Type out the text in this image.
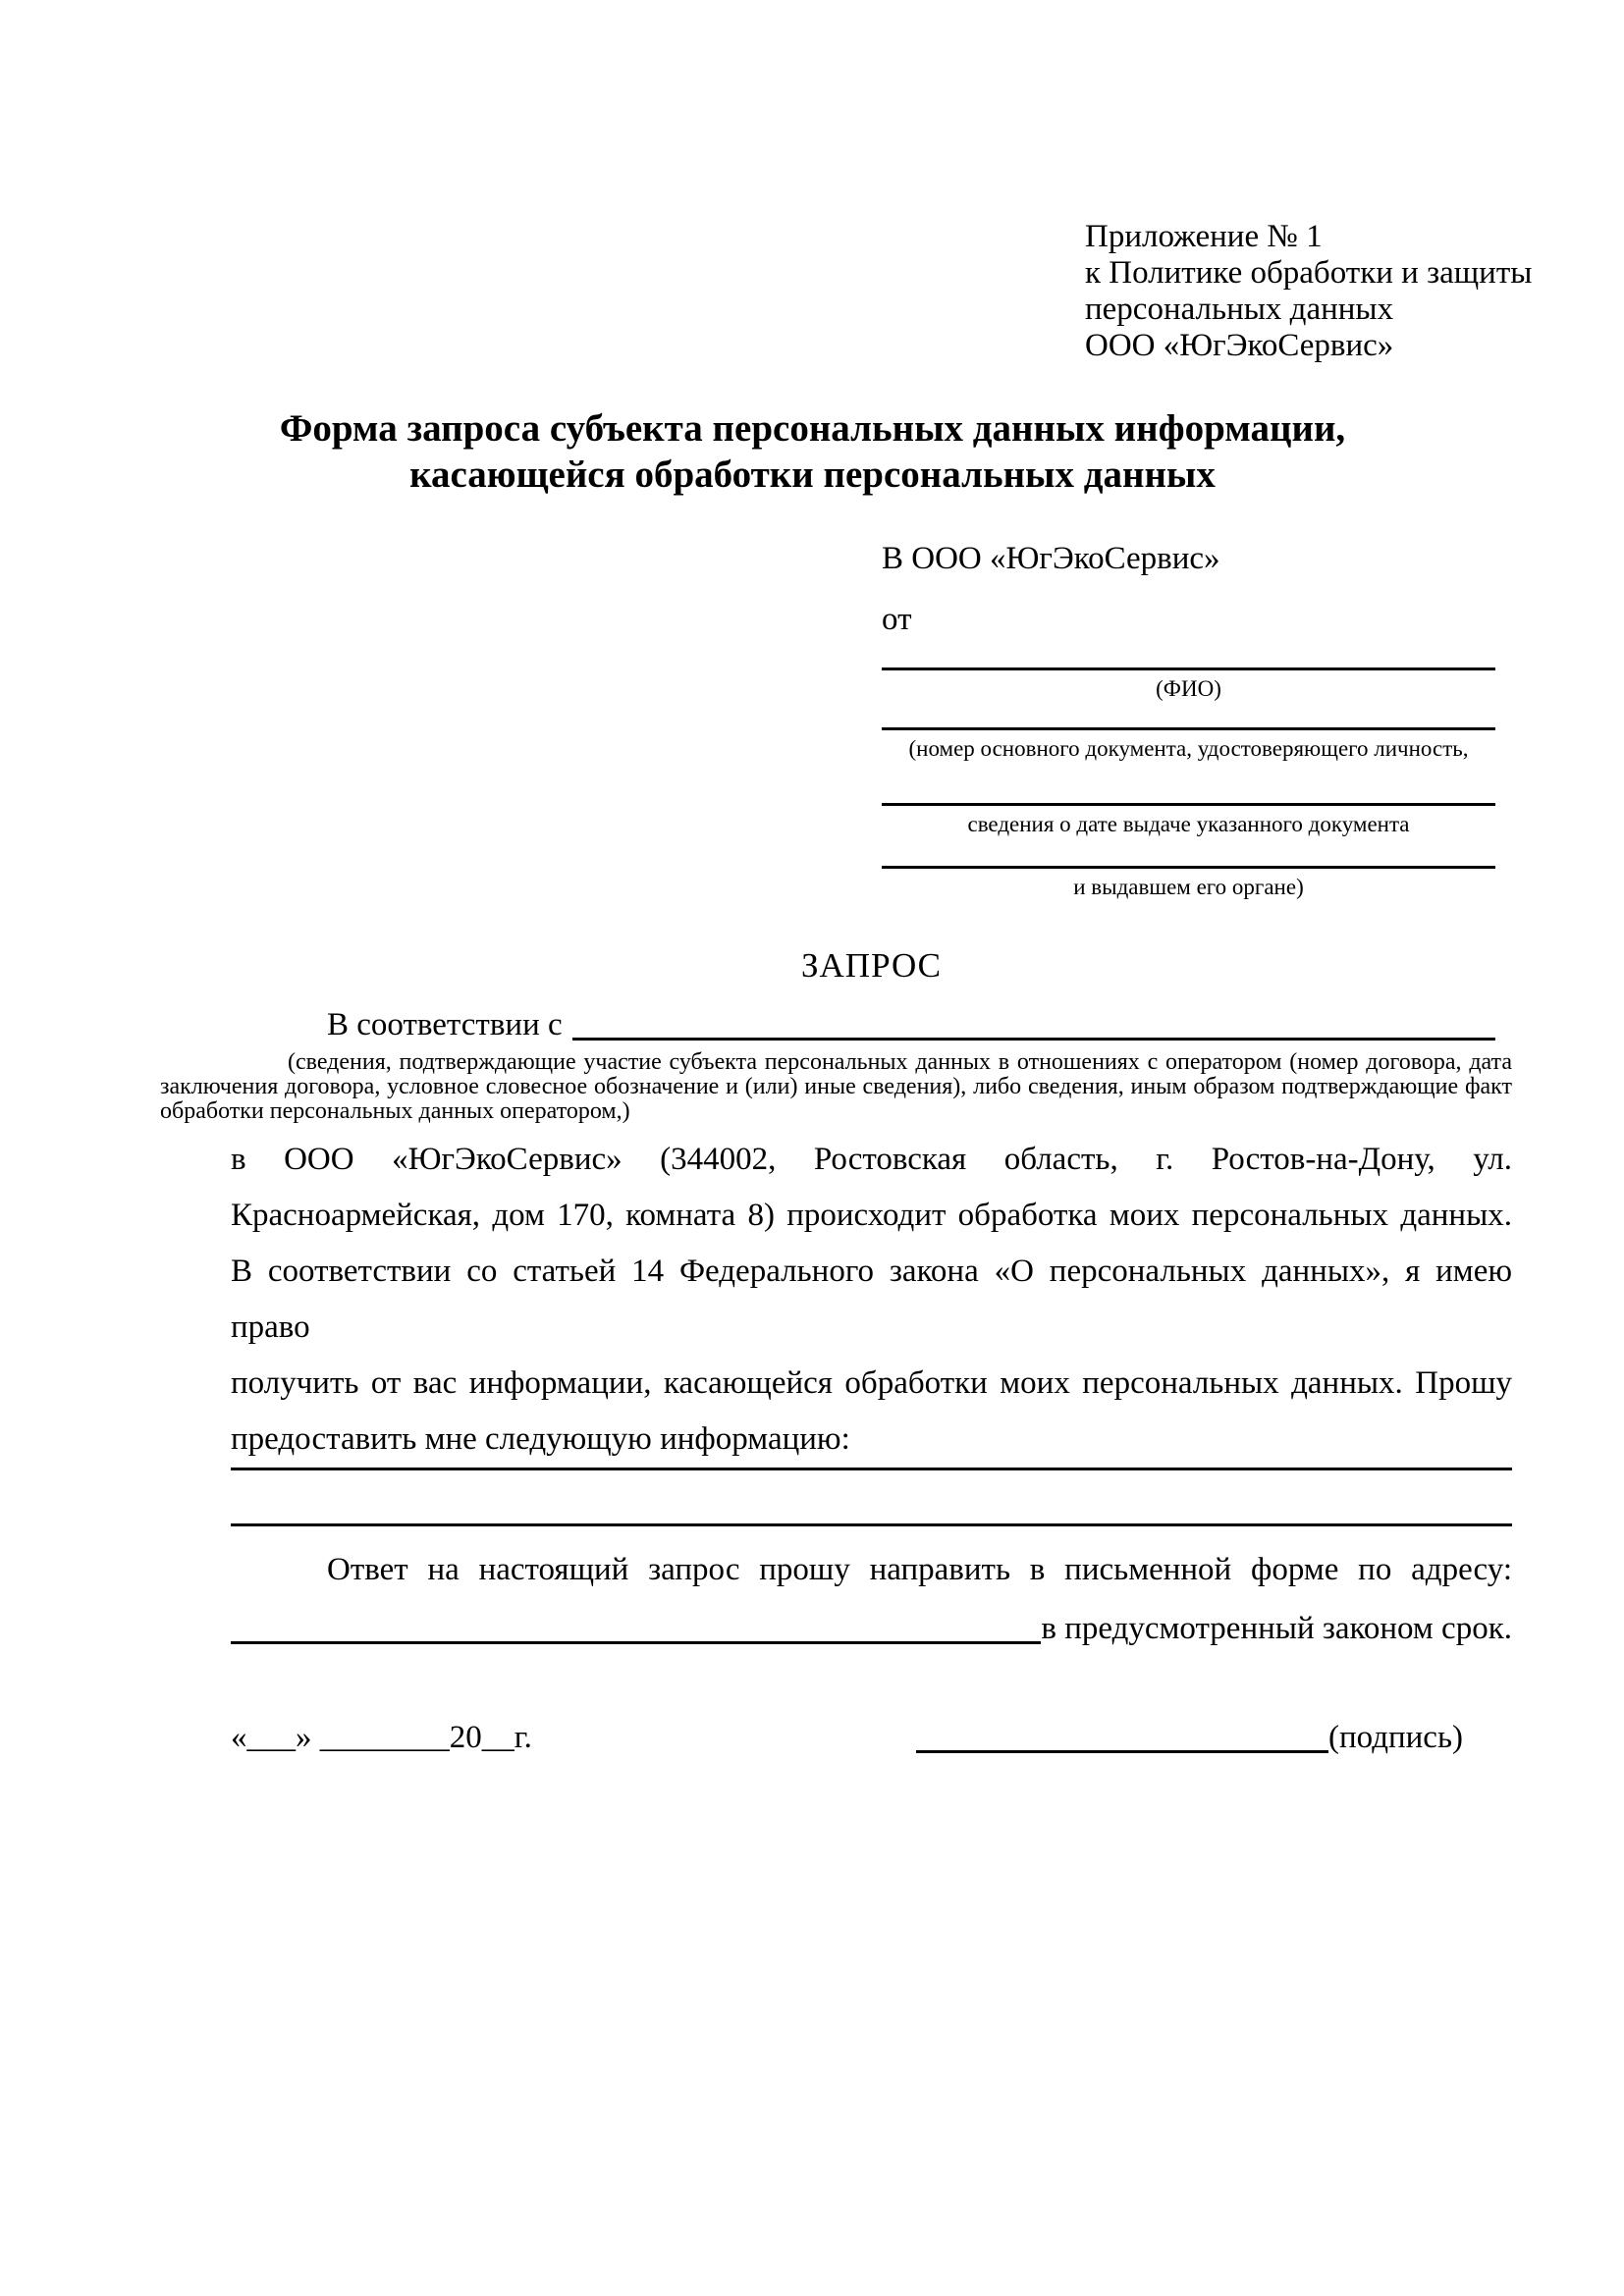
Приложение № 1
к Политике обработки и защиты
персональных данных
ООО «ЮгЭкоСервис»
Форма запроса субъекта персональных данных информации,
касающейся обработки персональных данных
В ООО «ЮгЭкоСервис»
от
(ФИО)
(номер основного документа, удостоверяющего личность,
сведения о дате выдаче указанного документа
и выдавшем его органе)
ЗАПРОС
В соответствии с
(сведения, подтверждающие участие субъекта персональных данных в отношениях с оператором (номер договора, дата
заключения договора, условное словесное обозначение и (или) иные сведения), либо сведения, иным образом подтверждающие факт
обработки персональных данных оператором,)
в ООО «ЮгЭкоСервис» (344002, Ростовская область, г. Ростов-на-Дону, ул.
Красноармейская, дом 170, комната 8) происходит обработка моих персональных данных.
В соответствии со статьей 14 Федерального закона «О персональных данных», я имею право
получить от вас информации, касающейся обработки моих персональных данных. Прошу
предоставить мне следующую информацию:
Ответ на настоящий запрос прошу направить в письменной форме по адресу:
в предусмотренный законом срок.
«___» ________20__г.	(подпись)
